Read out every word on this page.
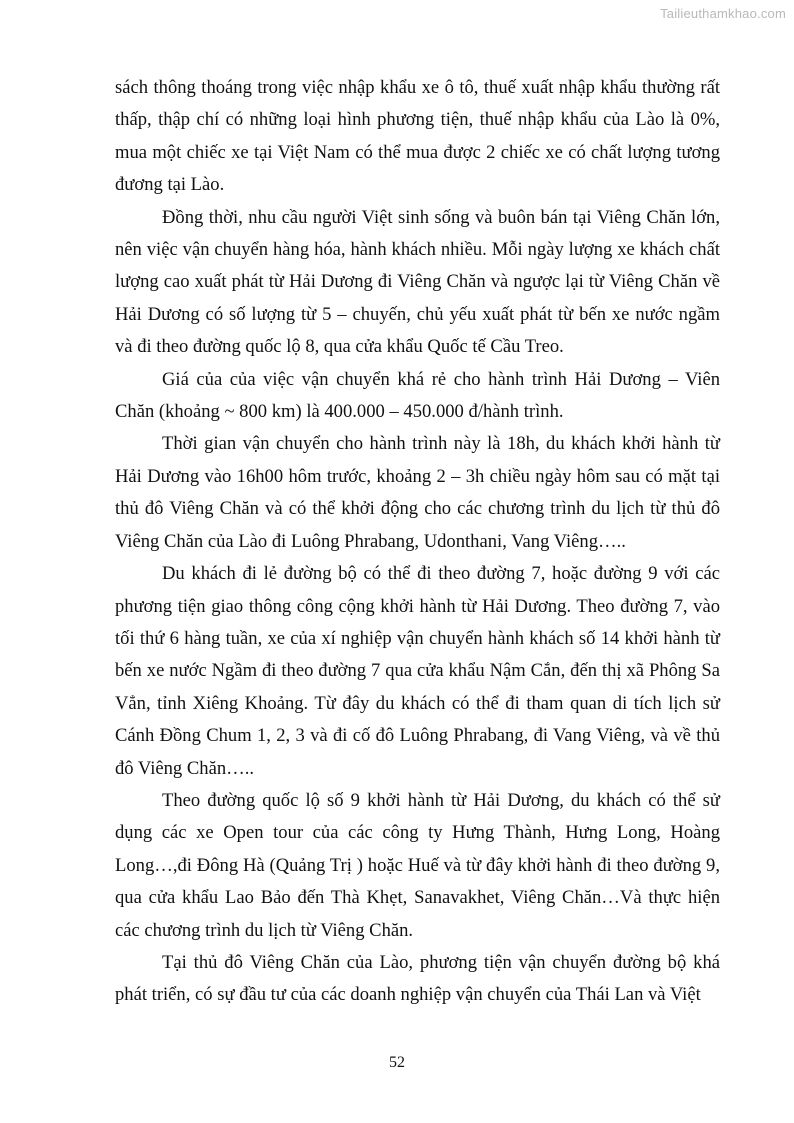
Tailieuthamkhao.com

sách thông thoáng trong việc nhập khẩu xe ô tô, thuế xuất nhập khẩu thường rất thấp, thập chí có những loại hình phương tiện, thuế nhập khẩu của Lào là 0%, mua một chiếc xe tại Việt Nam có thể mua được 2 chiếc xe có chất lượng tương đương tại Lào.

Đồng thời, nhu cầu người Việt sinh sống và buôn bán tại Viêng Chăn lớn, nên việc vận chuyển hàng hóa, hành khách nhiều. Mỗi ngày lượng xe khách chất lượng cao xuất phát từ Hải Dương đi Viêng Chăn và ngược lại từ Viêng Chăn về Hải Dương có số lượng từ 5 – chuyến, chủ yếu xuất phát từ bến xe nước ngầm và đi theo đường quốc lộ 8, qua cửa khẩu Quốc tế Cầu Treo.

Giá của của việc vận chuyển khá rẻ cho hành trình Hải Dương – Viên Chăn (khoảng ~ 800 km) là 400.000 – 450.000 đ/hành trình.

Thời gian vận chuyển cho hành trình này là 18h, du khách khởi hành từ Hải Dương vào 16h00 hôm trước, khoảng 2 – 3h chiều ngày hôm sau có mặt tại thủ đô Viêng Chăn và có thể khởi động cho các chương trình du lịch từ thủ đô Viêng Chăn của Lào đi Luông Phrabang, Udonthani, Vang Viêng…..

Du khách đi lẻ đường bộ có thể đi theo đường 7, hoặc đường 9 với các phương tiện giao thông công cộng khởi hành từ Hải Dương. Theo đường 7, vào tối thứ 6 hàng tuần, xe của xí nghiệp vận chuyển hành khách số 14 khởi hành từ bến xe nước Ngầm đi theo đường 7 qua cửa khẩu Nậm Cắn, đến thị xã Phông Sa Vẳn, tỉnh Xiêng Khoảng. Từ đây du khách có thể đi tham quan di tích lịch sử Cánh Đồng Chum 1, 2, 3 và đi cố đô Luông Phrabang, đi Vang Viêng, và về thủ đô Viêng Chăn…..

Theo đường quốc lộ số 9 khởi hành từ Hải Dương, du khách có thể sử dụng các xe Open tour của các công ty Hưng Thành, Hưng Long, Hoàng Long…,đi Đông Hà (Quảng Trị ) hoặc Huế và từ đây khởi hành đi theo đường 9, qua cửa khẩu Lao Bảo đến Thà Khẹt, Sanavakhet, Viêng Chăn…Và thực hiện các chương trình du lịch từ Viêng Chăn.

Tại thủ đô Viêng Chăn của Lào, phương tiện vận chuyển đường bộ khá phát triển, có sự đầu tư của các doanh nghiệp vận chuyển của Thái Lan và Việt

52
